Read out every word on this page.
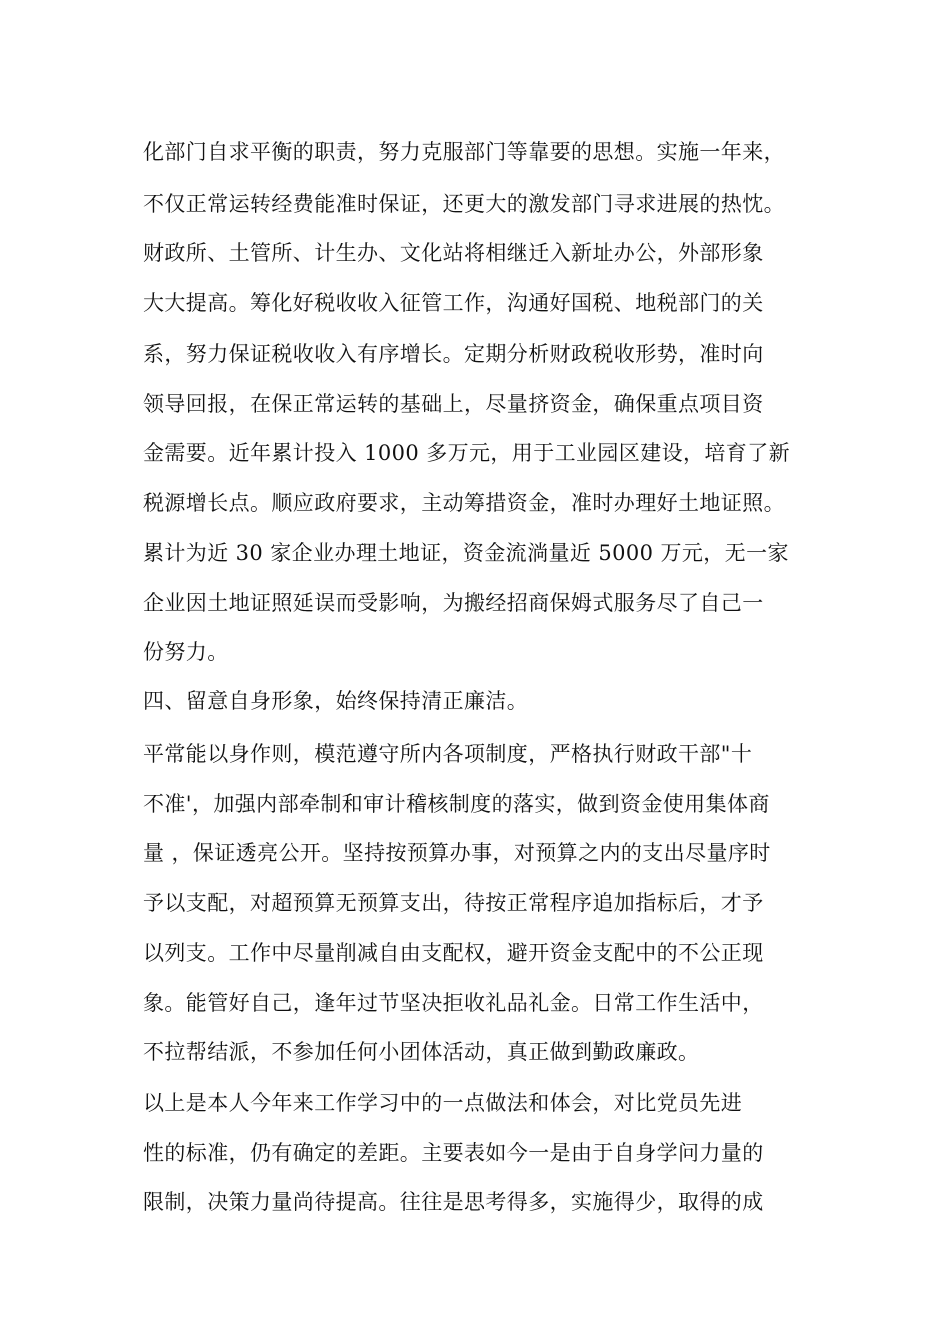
化部门自求平衡的职责，努力克服部门等靠要的思想。实施一年来，
不仅正常运转经费能准时保证，还更大的激发部门寻求进展的热忱。
财政所、土管所、计生办、文化站将相继迁入新址办公，外部形象
大大提高。筹化好税收收入征管工作，沟通好国税、地税部门的关
系，努力保证税收收入有序增长。定期分析财政税收形势，准时向
领导回报，在保正常运转的基础上，尽量挤资金，确保重点项目资
金需要。近年累计投入 1000 多万元，用于工业园区建设，培育了新
税源增长点。顺应政府要求，主动筹措资金，准时办理好土地证照。
累计为近 30 家企业办理土地证，资金流淌量近 5000 万元，无一家
企业因土地证照延误而受影响，为搬经招商保姆式服务尽了自己一
份努力。
四、留意自身形象，始终保持清正廉洁。
平常能以身作则，模范遵守所内各项制度，严格执行财政干部"十
不准'，加强内部牵制和审计稽核制度的落实，做到资金使用集体商
量 ，保证透亮公开。坚持按预算办事，对预算之内的支出尽量序时
予以支配，对超预算无预算支出，待按正常程序追加指标后，才予
以列支。工作中尽量削减自由支配权，避开资金支配中的不公正现
象。能管好自己，逢年过节坚决拒收礼品礼金。日常工作生活中，
不拉帮结派，不参加任何小团体活动，真正做到勤政廉政。
以上是本人今年来工作学习中的一点做法和体会，对比党员先进
性的标准，仍有确定的差距。主要表如今一是由于自身学问力量的
限制，决策力量尚待提高。往往是思考得多，实施得少，取得的成
